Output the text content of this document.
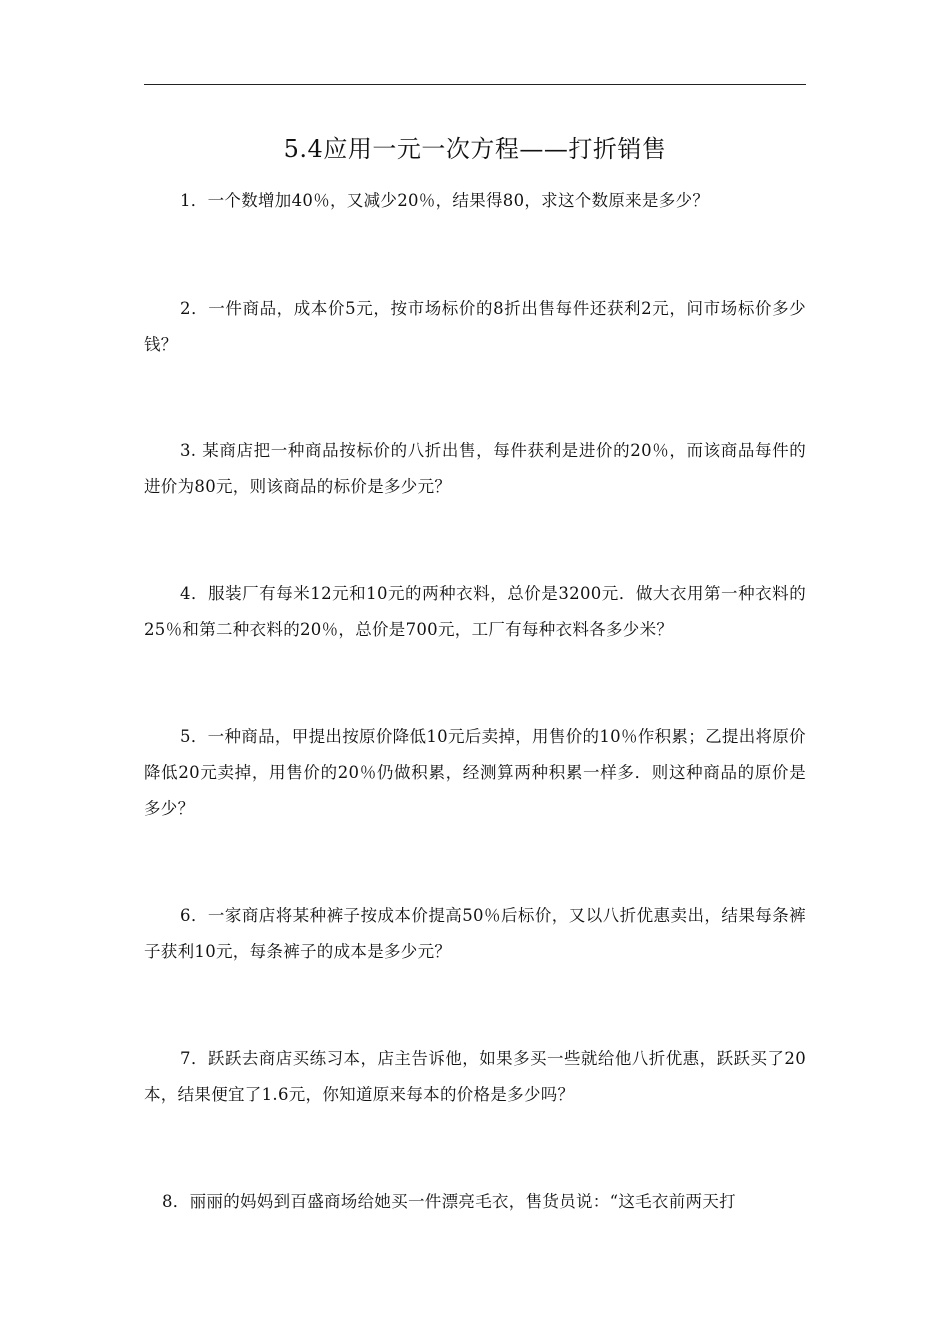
5.4应用一元一次方程——打折销售
1．一个数增加40％，又减少20％，结果得80，求这个数原来是多少？
2．一件商品，成本价5元，按市场标价的8折出售每件还获利2元，问市场标价多少钱？
3. 某商店把一种商品按标价的八折出售，每件获利是进价的20％，而该商品每件的进价为80元，则该商品的标价是多少元？
4．服装厂有每米12元和10元的两种衣料，总价是3200元．做大衣用第一种衣料的25％和第二种衣料的20％，总价是700元，工厂有每种衣料各多少米？
5．一种商品，甲提出按原价降低10元后卖掉，用售价的10％作积累；乙提出将原价降低20元卖掉，用售价的20％仍做积累，经测算两种积累一样多．则这种商品的原价是多少？
6．一家商店将某种裤子按成本价提高50％后标价，又以八折优惠卖出，结果每条裤子获利10元，每条裤子的成本是多少元？
7．跃跃去商店买练习本，店主告诉他，如果多买一些就给他八折优惠，跃跃买了20本，结果便宜了1.6元，你知道原来每本的价格是多少吗？
8．丽丽的妈妈到百盛商场给她买一件漂亮毛衣，售货员说：“这毛衣前两天打
